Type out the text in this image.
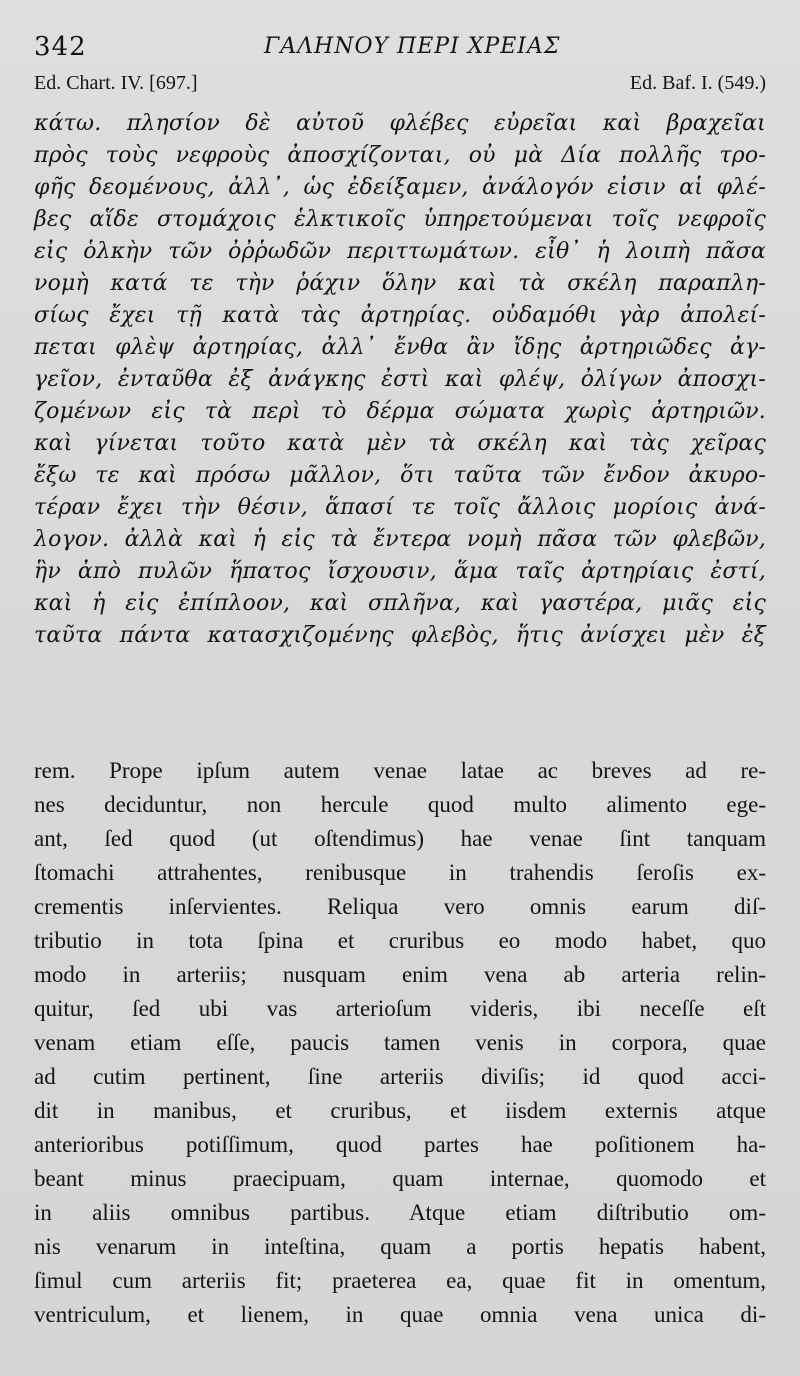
342	ΓΑΛΗΝΟΥ ΠΕΡΙ ΧΡΕΙΑΣ
Ed. Chart. IV. [697.]	Ed. Baf. I. (549.)
κάτω. πλησίον δὲ αὐτοῦ φλέβες εὐρεῖαι καὶ βραχεῖαι
πρὸς τοὺς νεφροὺς ἀποσχίζονται, οὐ μὰ Δία πολλῆς τρο-
φῆς δεομένους, ἀλλ᾽, ὡς ἐδείξαμεν, ἀνάλογόν εἰσιν αἱ φλέ-
βες αἵδε στομάχοις ἑλκτικοῖς ὑπηρετούμεναι τοῖς νεφροῖς
εἰς ὁλκὴν τῶν ὀῤῥωδῶν περιττωμάτων. εἶθ᾽ ἡ λοιπὴ πᾶσα
νομὴ κατά τε τὴν ῥάχιν ὅλην καὶ τὰ σκέλη παραπλη-
σίως ἔχει τῇ κατὰ τὰς ἀρτηρίας. οὐδαμόθι γὰρ ἀπολεί-
πεται φλὲψ ἀρτηρίας, ἀλλ᾽ ἔνθα ἂν ἴδῃς ἀρτηριῶδες ἀγ-
γεῖον, ἐνταῦθα ἐξ ἀνάγκης ἐστὶ καὶ φλέψ, ὀλίγων ἀποσχι-
ζομένων εἰς τὰ περὶ τὸ δέρμα σώματα χωρὶς ἀρτηριῶν.
καὶ γίνεται τοῦτο κατὰ μὲν τὰ σκέλη καὶ τὰς χεῖρας
ἔξω τε καὶ πρόσω μᾶλλον, ὅτι ταῦτα τῶν ἔνδον ἀκυρο-
τέραν ἔχει τὴν θέσιν, ἅπασί τε τοῖς ἄλλοις μορίοις ἀνά-
λογον. ἀλλὰ καὶ ἡ εἰς τὰ ἔντερα νομὴ πᾶσα τῶν φλεβῶν,
ἣν ἀπὸ πυλῶν ἥπατος ἴσχουσιν, ἅμα ταῖς ἀρτηρίαις ἐστί,
καὶ ἡ εἰς ἐπίπλοον, καὶ σπλῆνα, καὶ γαστέρα, μιᾶς εἰς
ταῦτα πάντα κατασχιζομένης φλεβὸς, ἥτις ἀνίσχει μὲν ἐξ
rem. Prope ipſum autem venae latae ac breves ad re-
nes deciduntur, non hercule quod multo alimento ege-
ant, ſed quod (ut oſtendimus) hae venae ſint tanquam
ſtomachi attrahentes, renibusque in trahendis ſeroſis ex-
crementis inſervientes. Reliqua vero omnis earum diſ-
tributio in tota ſpina et cruribus eo modo habet, quo
modo in arteriis; nusquam enim vena ab arteria relin-
quitur, ſed ubi vas arterioſum videris, ibi neceſſe eſt
venam etiam eſſe, paucis tamen venis in corpora, quae
ad cutim pertinent, ſine arteriis diviſis; id quod acci-
dit in manibus, et cruribus, et iisdem externis atque
anterioribus potiſſimum, quod partes hae poſitionem ha-
beant minus praecipuam, quam internae, quomodo et
in aliis omnibus partibus. Atque etiam diſtributio om-
nis venarum in inteſtina, quam a portis hepatis habent,
ſimul cum arteriis fit; praeterea ea, quae fit in omentum,
ventriculum, et lienem, in quae omnia vena unica di-
